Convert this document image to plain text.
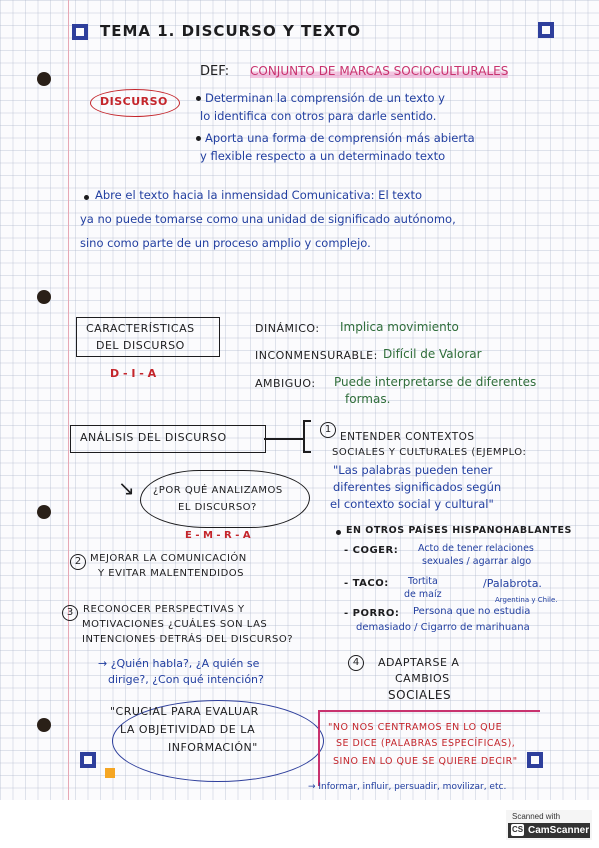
TEMA 1. DISCURSO Y TEXTO
DISCURSO
DEF: CONJUNTO DE MARCAS SOCIOCULTURALES
Determinan la comprensión de un texto y
lo identifica con otros para darle sentido.
Aporta una forma de comprensión más abierta
y flexible respecto a un determinado texto
Abre el texto hacia la inmensidad Comunicativa: El texto
ya no puede tomarse como una unidad de significado autónomo,
sino como parte de un proceso amplio y complejo.
CARACTERÍSTICAS
DEL DISCURSO
D - I - A
DINÁMICO: Implica movimiento
INCONMENSURABLE: Difícil de Valorar
AMBIGUO: Puede interpretarse de diferentes
formas.
ANÁLISIS DEL DISCURSO
↘ ¿POR QUÉ ANALIZAMOS
EL DISCURSO?
E - M - R - A
1
ENTENDER CONTEXTOS
SOCIALES Y CULTURALES (EJEMPLO:
"Las palabras pueden tener
diferentes significados según
el contexto social y cultural"
EN OTROS PAÍSES HISPANOHABLANTES
- COGER: Acto de tener relaciones
sexuales / agarrar algo
- TACO: Tortita
de maíz
/Palabrota.
Argentina y Chile.
- PORRO: Persona que no estudia
demasiado / Cigarro de marihuana
2 MEJORAR LA COMUNICACIÓN
Y EVITAR MALENTENDIDOS
3 RECONOCER PERSPECTIVAS Y
MOTIVACIONES ¿CUÁLES SON LAS
INTENCIONES DETRÁS DEL DISCURSO?
→ ¿Quién habla?, ¿A quién se
dirige?, ¿Con qué intención?
4	ADAPTARSE A
CAMBIOS
SOCIALES
"CRUCIAL PARA EVALUAR
LA OBJETIVIDAD DE LA
INFORMACIÓN"
"NO NOS CENTRAMOS EN LO QUE
SE DICE (PALABRAS ESPECÍFICAS),
SINO EN LO QUE SE QUIERE DECIR"
→ Informar, influir, persuadir, movilizar, etc.
Scanned with
CS CamScanner
